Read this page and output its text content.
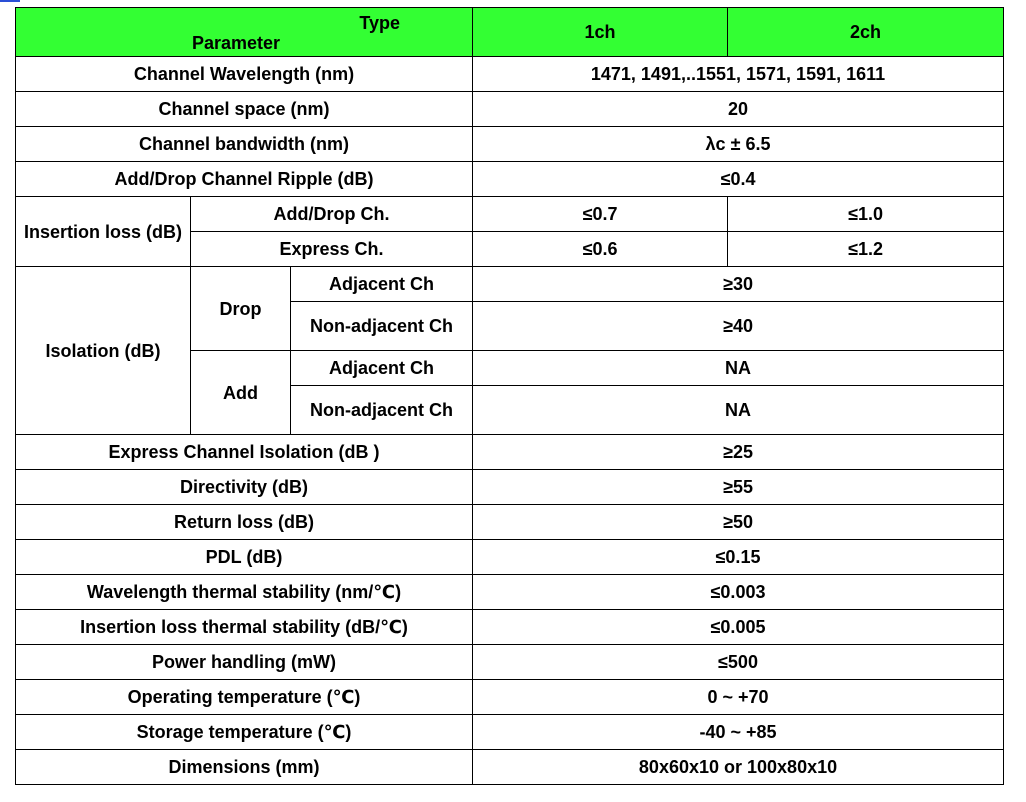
Type
Parameter			1ch	2ch
Channel Wavelength (nm)			1471, 1491,..1551, 1571, 1591, 1611	
Channel space (nm)			20	
Channel bandwidth (nm)			λc ± 6.5	
Add/Drop Channel Ripple (dB)			≤0.4	
Insertion loss (dB)	Add/Drop Ch.		≤0.7	≤1.0
	Express Ch.		≤0.6	≤1.2
Isolation (dB)	Drop	Adjacent Ch	≥30	
		Non-adjacent Ch	≥40	
	Add	Adjacent Ch	NA	
		Non-adjacent Ch	NA	
Express Channel Isolation (dB )			≥25	
Directivity (dB)			≥55	
Return loss (dB)			≥50	
PDL (dB)			≤0.15	
Wavelength thermal stability (nm/℃)			≤0.003	
Insertion loss thermal stability (dB/℃)			≤0.005	
Power handling (mW)			≤500	
Operating temperature (℃)			0 ~ +70	
Storage temperature (℃)			-40 ~ +85	
Dimensions (mm)			80x60x10 or 100x80x10	
